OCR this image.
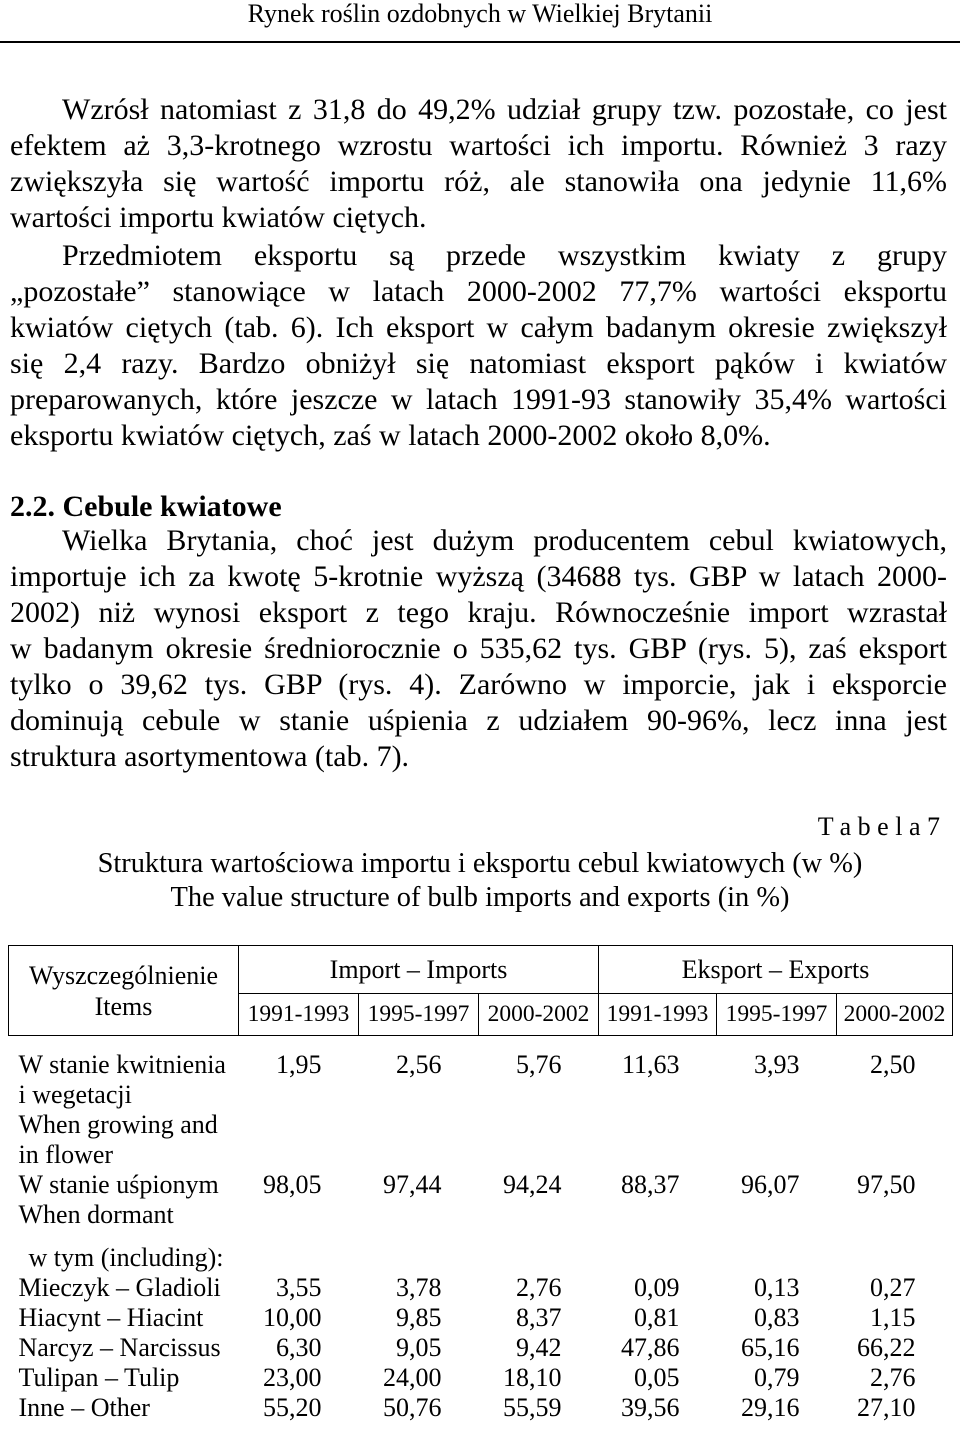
Rynek roślin ozdobnych w Wielkiej Brytanii
Wzrósł natomiast z 31,8 do 49,2% udział grupy tzw. pozostałe, co jest
efektem aż 3,3-krotnego wzrostu wartości ich importu. Również 3 razy
zwiększyła się wartość importu róż, ale stanowiła ona jedynie 11,6%
wartości importu kwiatów ciętych.
Przedmiotem eksportu są przede wszystkim kwiaty z grupy
„pozostałe” stanowiące w latach 2000-2002 77,7% wartości eksportu
kwiatów ciętych (tab. 6). Ich eksport w całym badanym okresie zwiększył
się 2,4 razy. Bardzo obniżył się natomiast eksport pąków i kwiatów
preparowanych, które jeszcze w latach 1991-93 stanowiły 35,4% wartości
eksportu kwiatów ciętych, zaś w latach 2000-2002 około 8,0%.
2.2. Cebule kwiatowe
Wielka Brytania, choć jest dużym producentem cebul kwiatowych,
importuje ich za kwotę 5-krotnie wyższą (34688 tys. GBP w latach 2000-
2002) niż wynosi eksport z tego kraju. Równocześnie import wzrastał
w badanym okresie średniorocznie o 535,62 tys. GBP (rys. 5), zaś eksport
tylko o 39,62 tys. GBP (rys. 4). Zarówno w imporcie, jak i eksporcie
dominują cebule w stanie uśpienia z udziałem 90-96%, lecz inna jest
struktura asortymentowa (tab. 7).
T a b e l a 7
Struktura wartościowa importu i eksportu cebul kwiatowych (w %)
The value structure of bulb imports and exports (in %)
Wyszczególnienie
Items	Import – Imports			Eksport – Exports		
	1991-1993	1995-1997	2000-2002	1991-1993	1995-1997	2000-2002

W stanie kwitnienia
i wegetacji
When growing and
in flower	1,95	2,56	5,76	11,63	3,93	2,50

W stanie uśpionym
When dormant	98,05	97,44	94,24	88,37	96,07	97,50

w tym (including):						

Mieczyk – Gladioli	3,55	3,78	2,76	0,09	0,13	0,27

Hiacynt – Hiacint	10,00	9,85	8,37	0,81	0,83	1,15

Narcyz – Narcissus	6,30	9,05	9,42	47,86	65,16	66,22

Tulipan – Tulip	23,00	24,00	18,10	0,05	0,79	2,76

Inne – Other	55,20	50,76	55,59	39,56	29,16	27,10
